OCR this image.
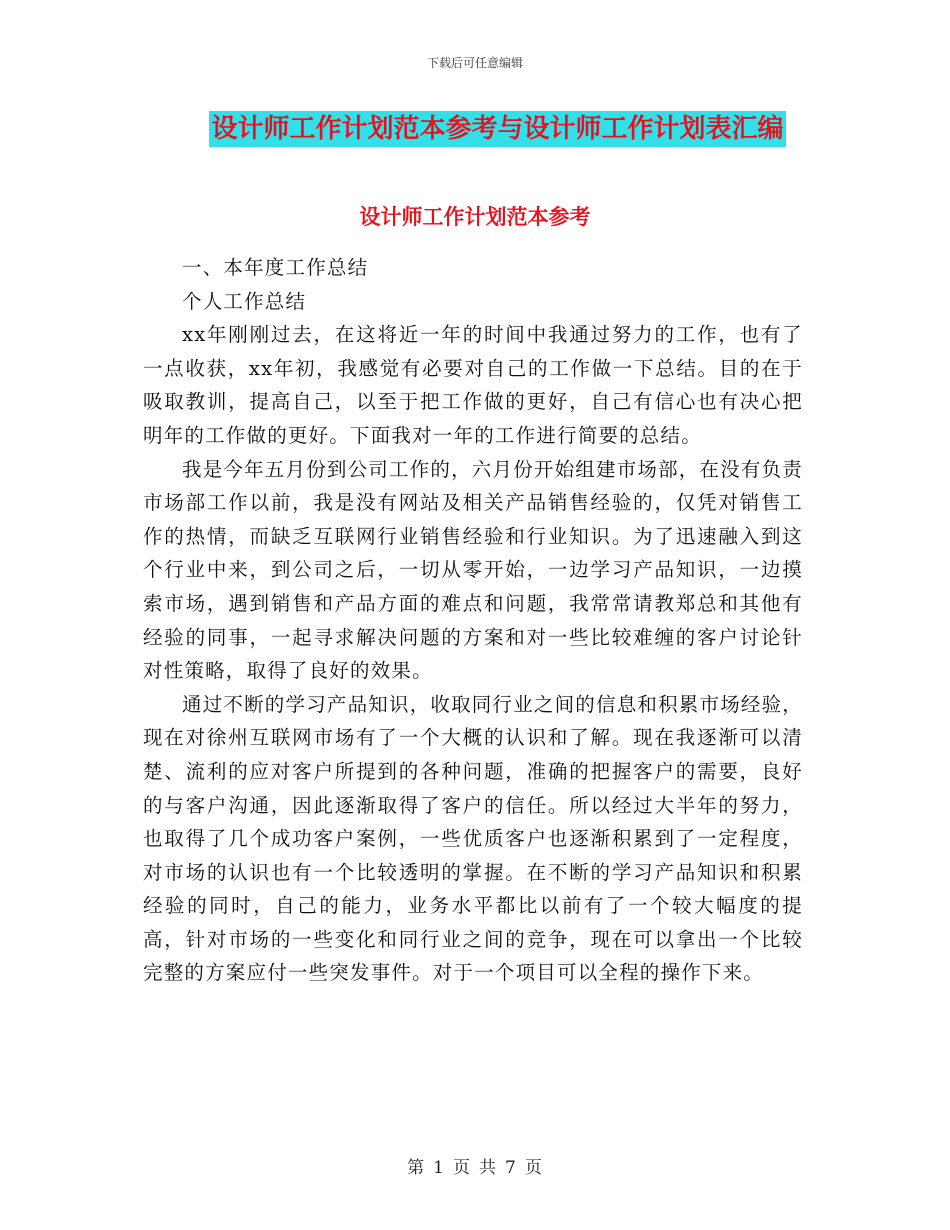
下载后可任意编辑
设计师工作计划范本参考与设计师工作计划表汇编
设计师工作计划范本参考

一、本年度工作总结

个人工作总结

xx年刚刚过去，在这将近一年的时间中我通过努力的工作，也有了一点收获，xx年初，我感觉有必要对自己的工作做一下总结。目的在于吸取教训，提高自己，以至于把工作做的更好，自己有信心也有决心把明年的工作做的更好。下面我对一年的工作进行简要的总结。

我是今年五月份到公司工作的，六月份开始组建市场部，在没有负责市场部工作以前，我是没有网站及相关产品销售经验的，仅凭对销售工作的热情，而缺乏互联网行业销售经验和行业知识。为了迅速融入到这个行业中来，到公司之后，一切从零开始，一边学习产品知识，一边摸索市场，遇到销售和产品方面的难点和问题，我常常请教郑总和其他有经验的同事，一起寻求解决问题的方案和对一些比较难缠的客户讨论针对性策略，取得了良好的效果。

通过不断的学习产品知识，收取同行业之间的信息和积累市场经验，现在对徐州互联网市场有了一个大概的认识和了解。现在我逐渐可以清楚、流利的应对客户所提到的各种问题，准确的把握客户的需要，良好的与客户沟通，因此逐渐取得了客户的信任。所以经过大半年的努力，也取得了几个成功客户案例，一些优质客户也逐渐积累到了一定程度，对市场的认识也有一个比较透明的掌握。在不断的学习产品知识和积累经验的同时，自己的能力，业务水平都比以前有了一个较大幅度的提高，针对市场的一些变化和同行业之间的竞争，现在可以拿出一个比较完整的方案应付一些突发事件。对于一个项目可以全程的操作下来。

第 1 页 共 7 页
